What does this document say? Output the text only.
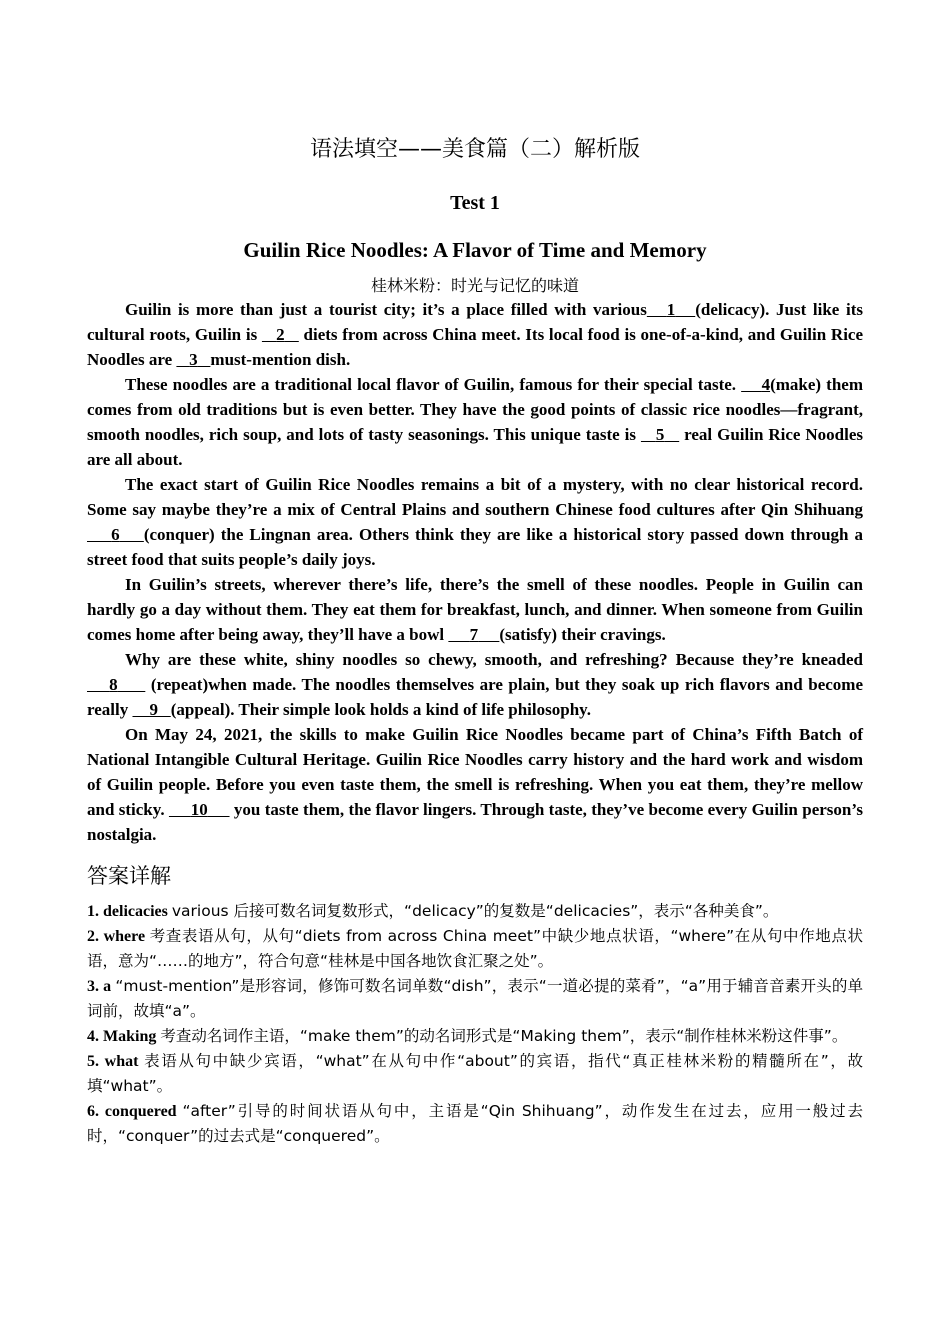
语法填空——美食篇（二）解析版

Test 1

Guilin Rice Noodles: A Flavor of Time and Memory

桂林米粉：时光与记忆的味道

Guilin is more than just a tourist city; it’s a place filled with various 1 (delicacy). Just like its cultural roots, Guilin is    2    diets from across China meet. Its local food is one-of-a-kind, and Guilin Rice Noodles are    3 must-mention dish.

These noodles are a traditional local flavor of Guilin, famous for their special taste.     4(make) them comes from old traditions but is even better. They have the good points of classic rice noodles—fragrant, smooth noodles, rich soup, and lots of tasty seasonings. This unique taste is    5    real Guilin Rice Noodles are all about.

The exact start of Guilin Rice Noodles remains a bit of a mystery, with no clear historical record. Some say maybe they’re a mix of Central Plains and southern Chinese food cultures after Qin Shihuang     6 (conquer) the Lingnan area. Others think they are like a historical story passed down through a street food that suits people’s daily joys.

In Guilin’s streets, wherever there’s life, there’s the smell of these noodles. People in Guilin can hardly go a day without them. They eat them for breakfast, lunch, and dinner. When someone from Guilin comes home after being away, they’ll have a bowl      7 (satisfy) their cravings.

Why are these white, shiny noodles so chewy, smooth, and refreshing? Because they’re kneaded     8      (repeat)when made. The noodles themselves are plain, but they soak up rich flavors and become really     9 (appeal). Their simple look holds a kind of life philosophy.

On May 24, 2021, the skills to make Guilin Rice Noodles became part of China’s Fifth Batch of National Intangible Cultural Heritage. Guilin Rice Noodles carry history and the hard work and wisdom of Guilin people. Before you even taste them, the smell is refreshing. When you eat them, they’re mellow and sticky.      10      you taste them, the flavor lingers. Through taste, they’ve become every Guilin person’s nostalgia.

答案详解

1. delicacies various 后接可数名词复数形式，“delicacy”的复数是“delicacies”，表示“各种美食”。

2. where 考查表语从句，从句“diets from across China meet”中缺少地点状语，“where”在从句中作地点状语，意为“……的地方”，符合句意“桂林是中国各地饮食汇聚之处”。

3. a “must-mention”是形容词，修饰可数名词单数“dish”，表示“一道必提的菜肴”，“a”用于辅音音素开头的单词前，故填“a”。

4. Making 考查动名词作主语，“make them”的动名词形式是“Making them”，表示“制作桂林米粉这件事”。

5. what 表语从句中缺少宾语，“what”在从句中作“about”的宾语，指代“真正桂林米粉的精髓所在”，故填“what”。

6. conquered “after”引导的时间状语从句中，主语是“Qin Shihuang”，动作发生在过去，应用一般过去时，“conquer”的过去式是“conquered”。
